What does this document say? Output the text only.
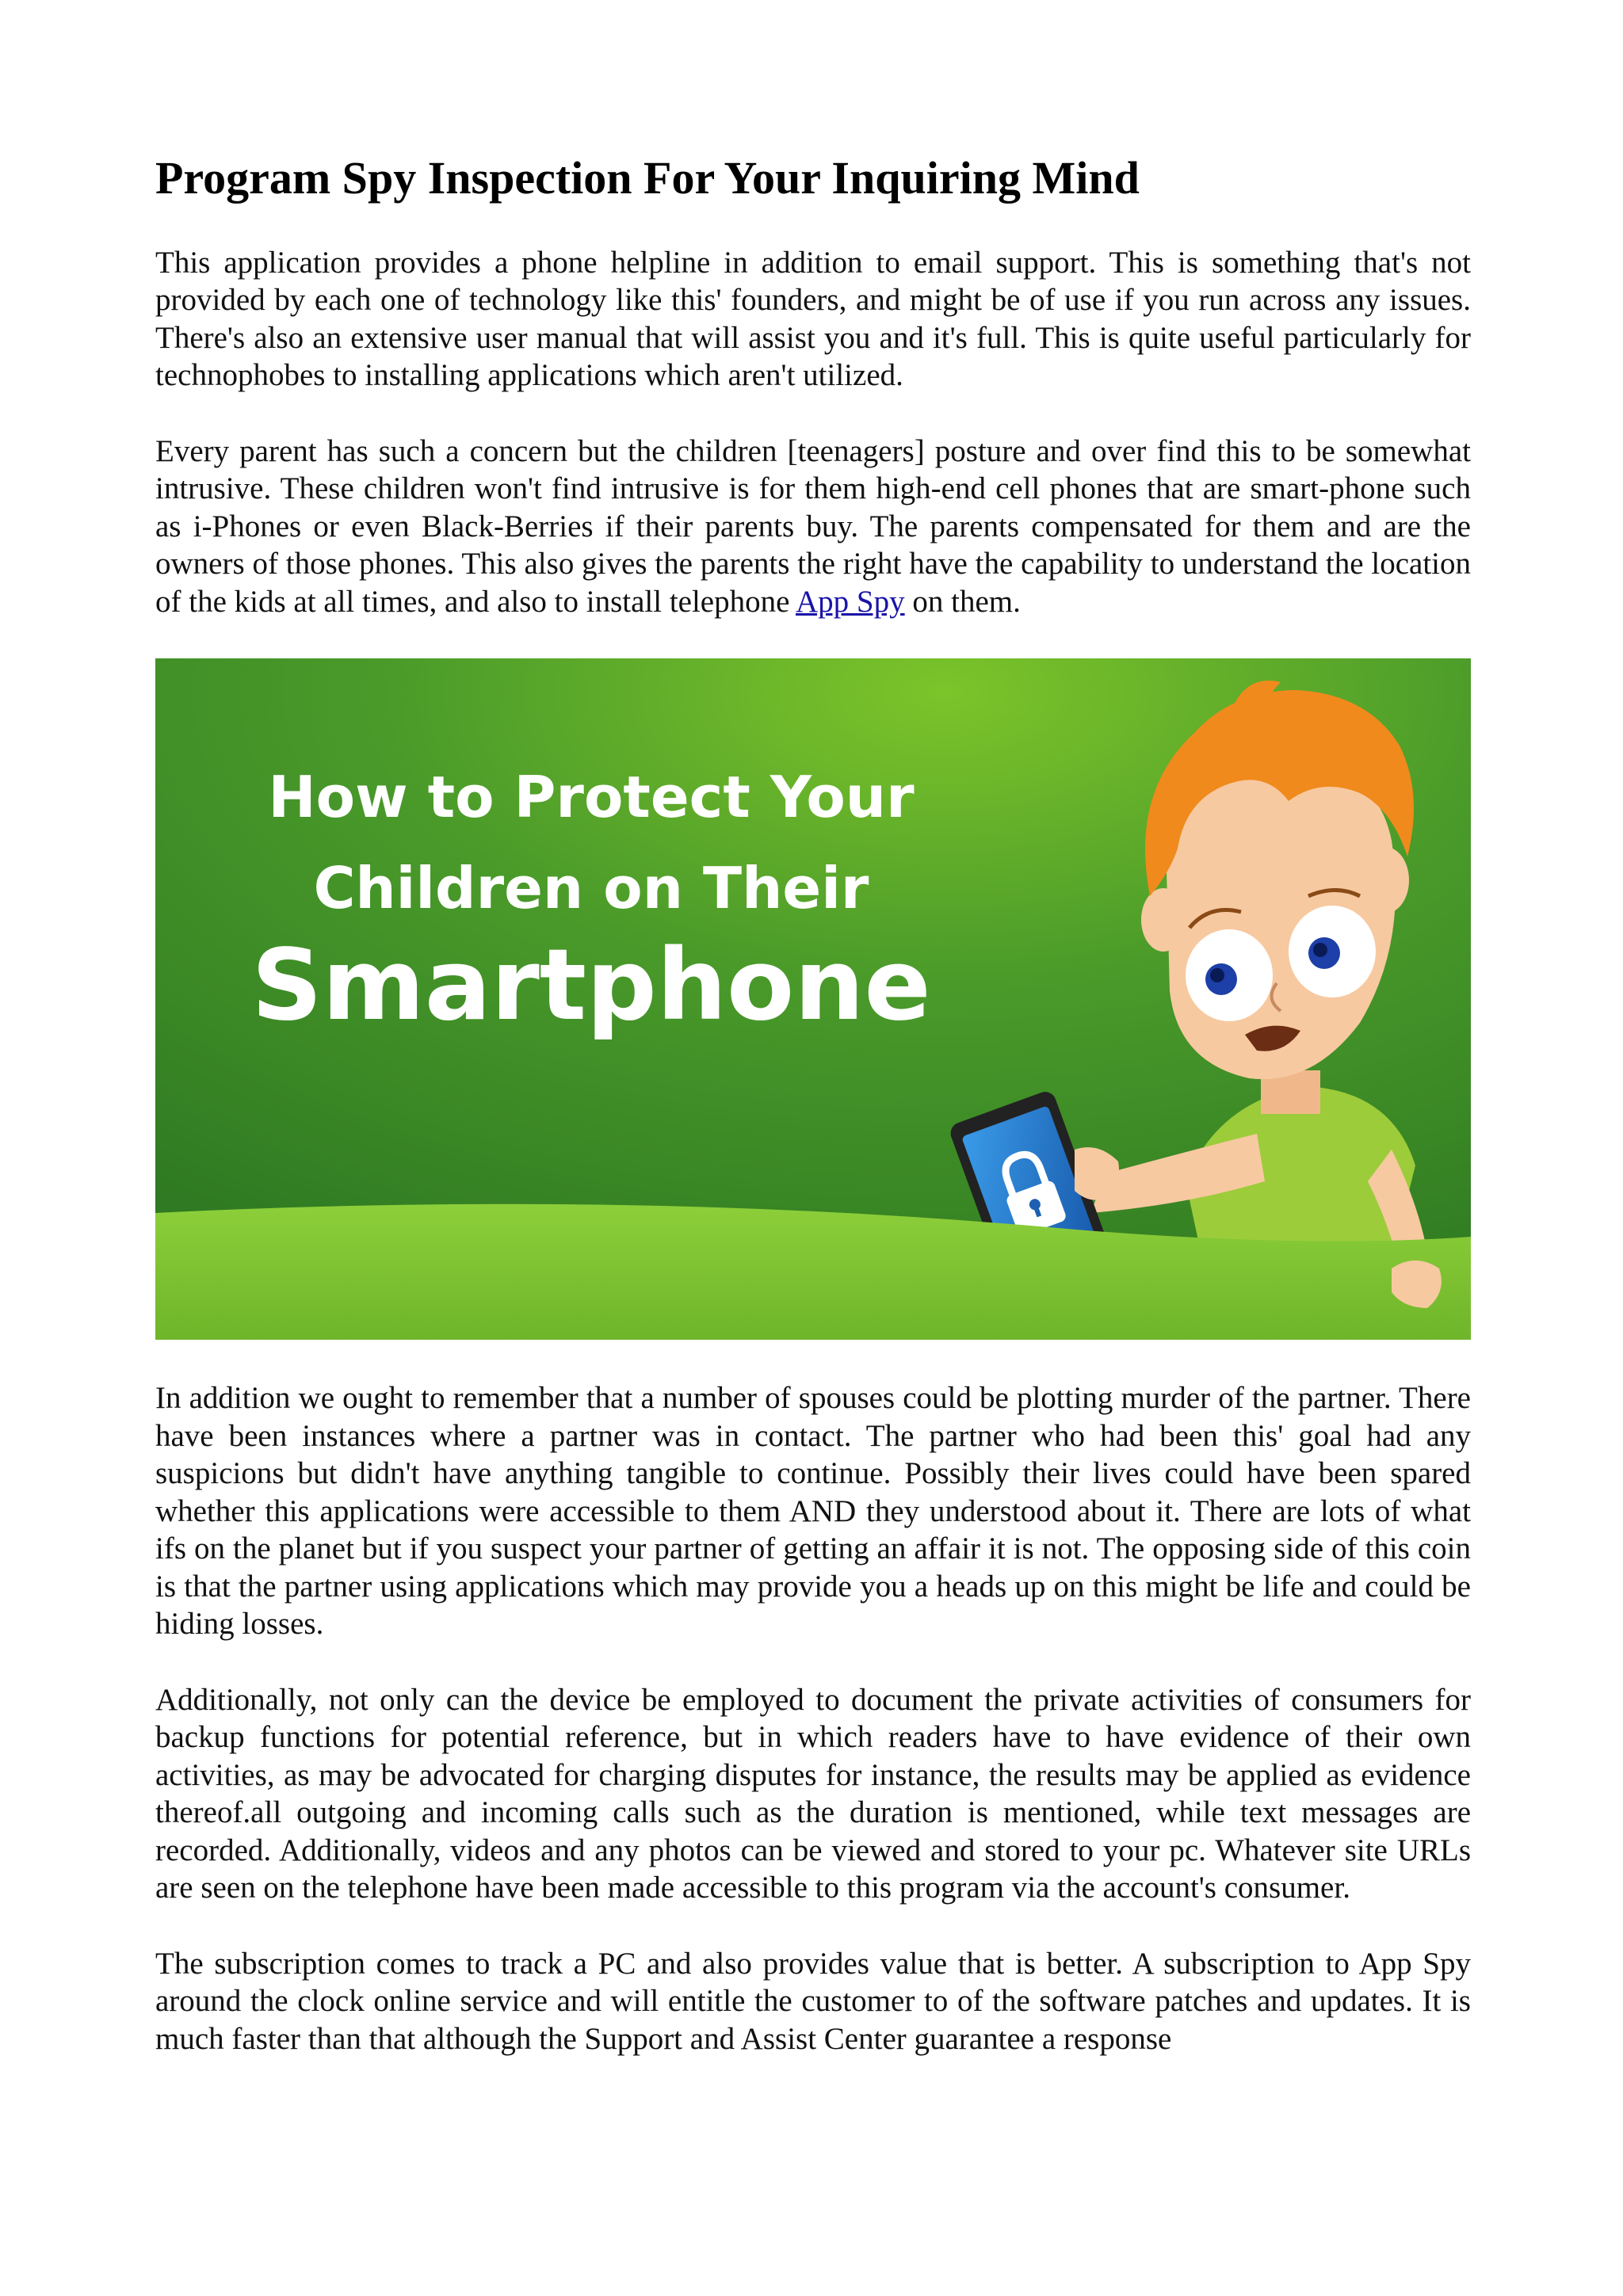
Program Spy Inspection For Your Inquiring Mind

This application provides a phone helpline in addition to email support. This is something that's not provided by each one of technology like this' founders, and might be of use if you run across any issues. There's also an extensive user manual that will assist you and it's full. This is quite useful particularly for technophobes to installing applications which aren't utilized.

Every parent has such a concern but the children [teenagers] posture and over find this to be somewhat intrusive. These children won't find intrusive is for them high-end cell phones that are smart-phone such as i-Phones or even Black-Berries if their parents buy. The parents compensated for them and are the owners of those phones. This also gives the parents the right have the capability to understand the location of the kids at all times, and also to install telephone App Spy on them.

How to Protect Your
Children on Their
Smartphone

In addition we ought to remember that a number of spouses could be plotting murder of the partner. There have been instances where a partner was in contact. The partner who had been this' goal had any suspicions but didn't have anything tangible to continue. Possibly their lives could have been spared whether this applications were accessible to them AND they understood about it. There are lots of what ifs on the planet but if you suspect your partner of getting an affair it is not. The opposing side of this coin is that the partner using applications which may provide you a heads up on this might be life and could be hiding losses.

Additionally, not only can the device be employed to document the private activities of consumers for backup functions for potential reference, but in which readers have to have evidence of their own activities, as may be advocated for charging disputes for instance, the results may be applied as evidence thereof.all outgoing and incoming calls such as the duration is mentioned, while text messages are recorded. Additionally, videos and any photos can be viewed and stored to your pc. Whatever site URLs are seen on the telephone have been made accessible to this program via the account's consumer.

The subscription comes to track a PC and also provides value that is better. A subscription to App Spy around the clock online service and will entitle the customer to of the software patches and updates. It is much faster than that although the Support and Assist Center guarantee a response
